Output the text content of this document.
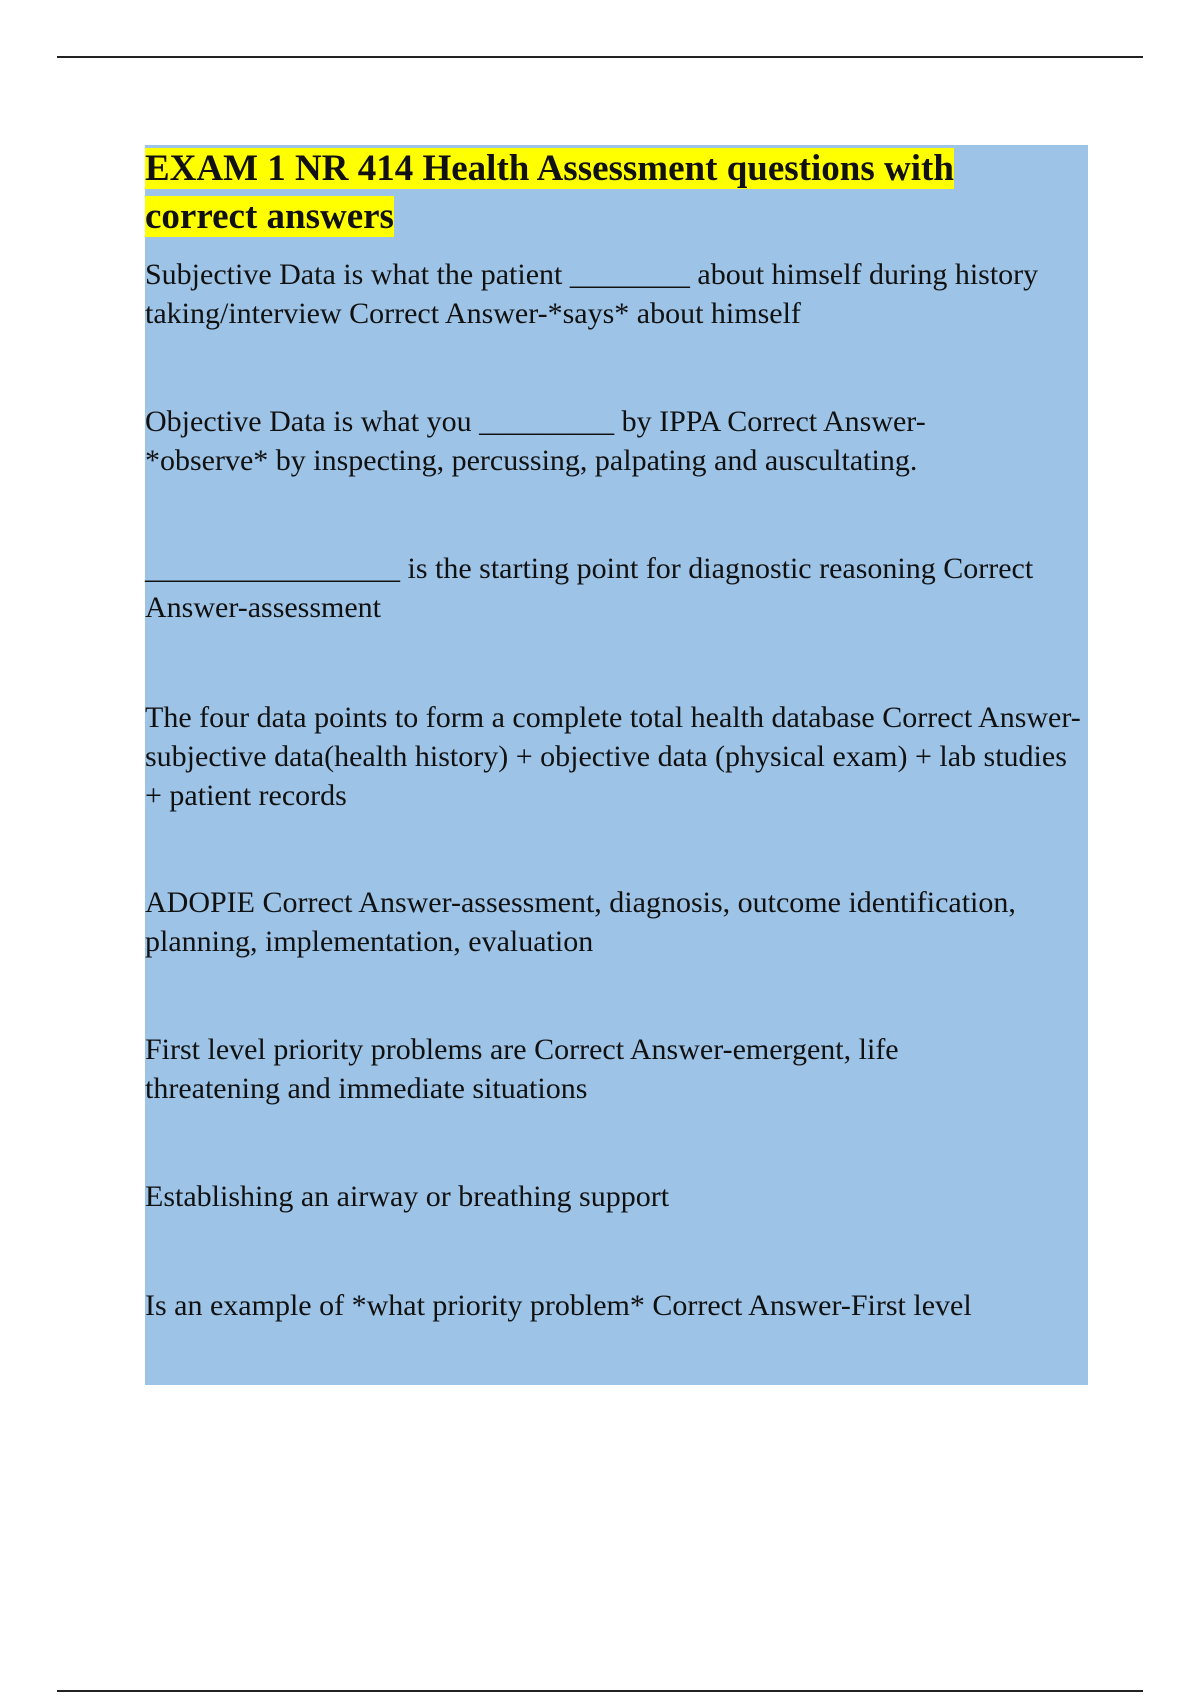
EXAM 1 NR 414 Health Assessment questions with
correct answers

Subjective Data is what the patient ________ about himself during history taking/interview Correct Answer-*says* about himself

Objective Data is what you _________ by IPPA Correct Answer-*observe* by inspecting, percussing, palpating and auscultating.

_________________ is the starting point for diagnostic reasoning Correct Answer-assessment

The four data points to form a complete total health database Correct Answer-subjective data(health history) + objective data (physical exam) + lab studies + patient records

ADOPIE Correct Answer-assessment, diagnosis, outcome identification, planning, implementation, evaluation

First level priority problems are Correct Answer-emergent, life threatening and immediate situations

Establishing an airway or breathing support

Is an example of *what priority problem* Correct Answer-First level
